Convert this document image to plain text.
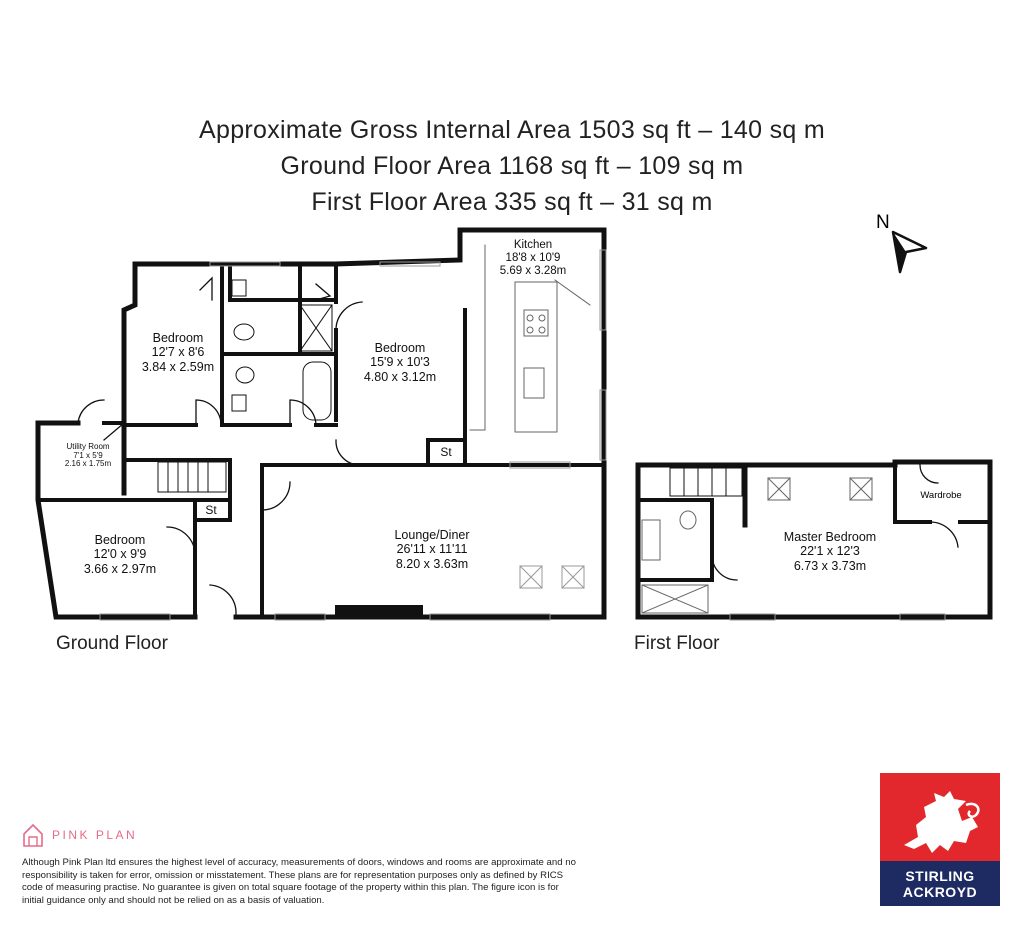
Approximate Gross Internal Area 1503 sq ft – 140 sq m
Ground Floor Area 1168 sq ft – 109 sq m
First Floor Area 335 sq ft – 31 sq m
N
Kitchen
18'8 x 10'9
5.69 x 3.28m
Bedroom
12'7 x 8'6
3.84 x 2.59m
Bedroom
15'9 x 10'3
4.80 x 3.12m
Utility Room
7'1 x 5'9
2.16 x 1.75m
Bedroom
12'0 x 9'9
3.66 x 2.97m
Lounge/Diner
26'11 x 11'11
8.20 x 3.63m
St
St
Master Bedroom
22'1 x 12'3
6.73 x 3.73m
Wardrobe
Ground Floor	First Floor
PINK PLAN
Although Pink Plan ltd ensures the highest level of accuracy, measurements of doors, windows and rooms are approximate and no responsibility is taken for error, omission or misstatement. These plans are for representation purposes only as defined by RICS code of measuring practise. No guarantee is given on total square footage of the property within this plan. The figure icon is for initial guidance only and should not be relied on as a basis of valuation.
STIRLING
ACKROYD
